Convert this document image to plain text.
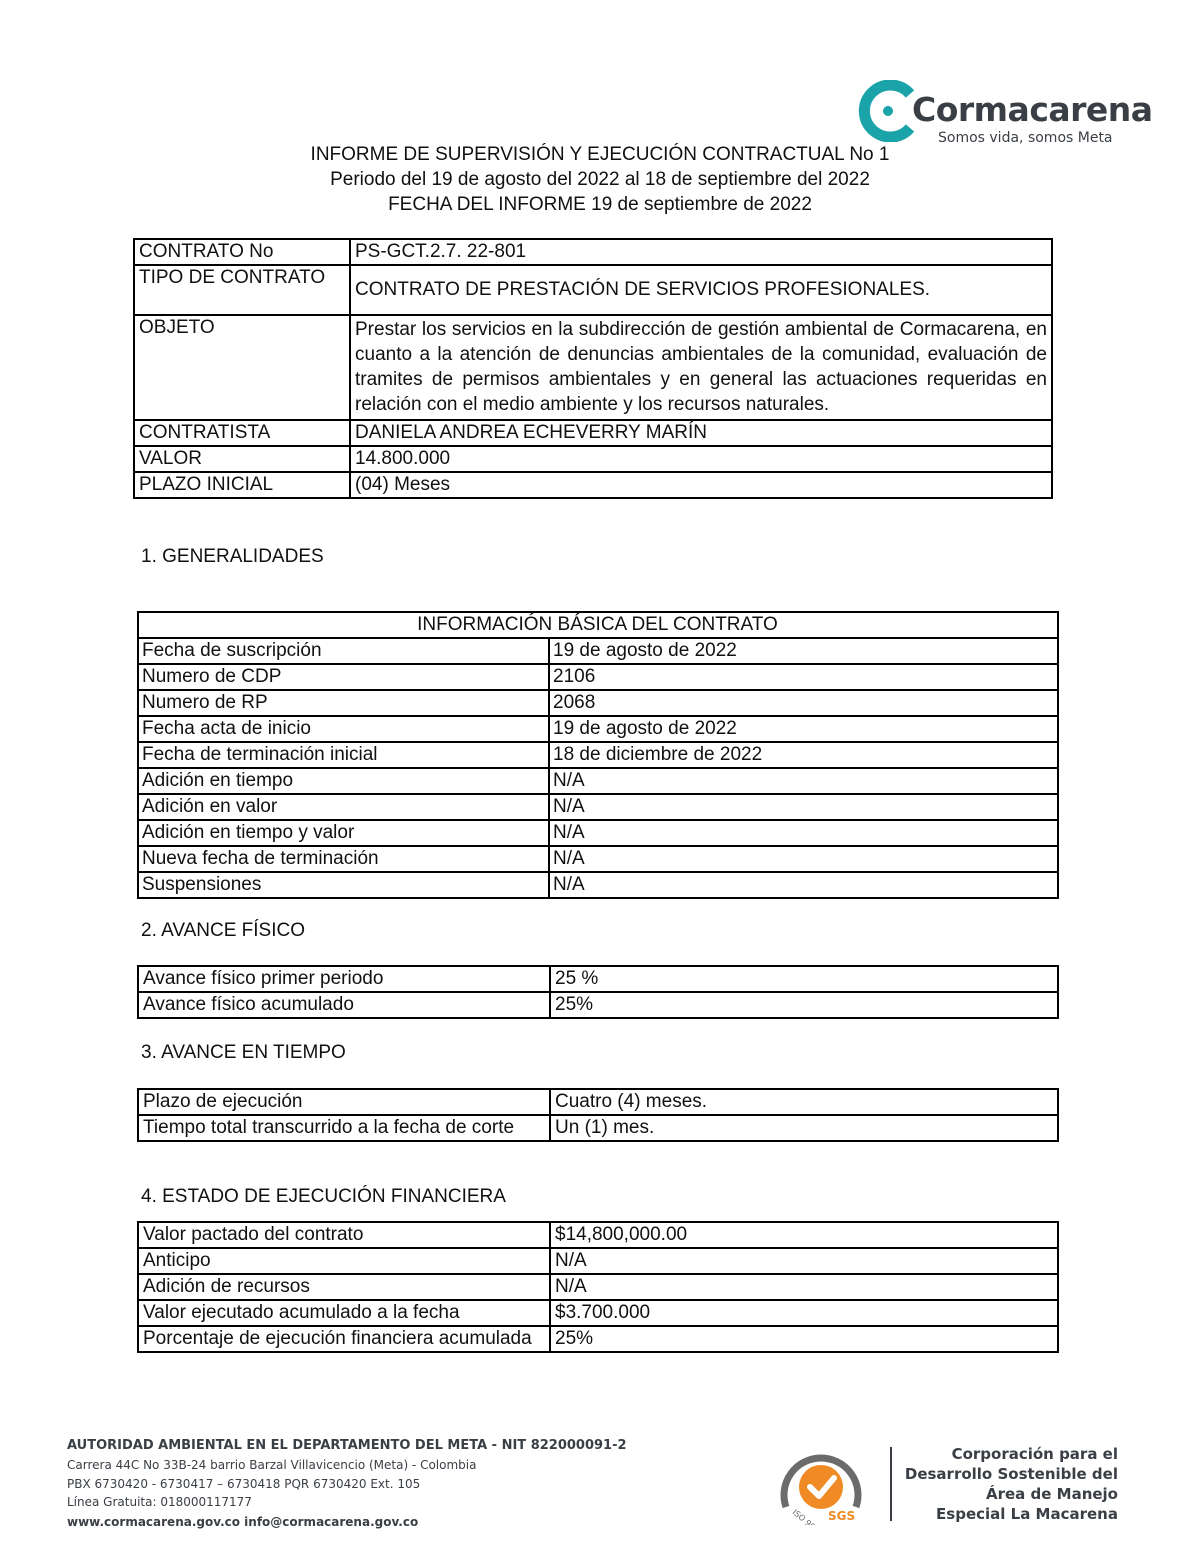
Cormacarena
Somos vida, somos Meta
INFORME DE SUPERVISIÓN Y EJECUCIÓN CONTRACTUAL No 1
Periodo del 19 de agosto del 2022 al 18 de septiembre del 2022
FECHA DEL INFORME 19 de septiembre de 2022
CONTRATO No	PS-GCT.2.7. 22-801
TIPO DE CONTRATO	CONTRATO DE PRESTACIÓN DE SERVICIOS PROFESIONALES.
OBJETO	Prestar los servicios en la subdirección de gestión ambiental de Cormacarena, en cuanto a la atención de denuncias ambientales de la comunidad, evaluación de tramites de permisos ambientales y en general las actuaciones requeridas en relación con el medio ambiente y los recursos naturales.
CONTRATISTA	DANIELA ANDREA ECHEVERRY MARÍN
VALOR	14.800.000
PLAZO INICIAL	(04) Meses
1. GENERALIDADES
INFORMACIÓN BÁSICA DEL CONTRATO	
Fecha de suscripción	19 de agosto de 2022
Numero de CDP	2106
Numero de RP	2068
Fecha acta de inicio	19 de agosto de 2022
Fecha de terminación inicial	18 de diciembre de 2022
Adición en tiempo	N/A
Adición en valor	N/A
Adición en tiempo y valor	N/A
Nueva fecha de terminación	N/A
Suspensiones	N/A
2. AVANCE FÍSICO
Avance físico primer periodo	25 %
Avance físico acumulado	25%
3. AVANCE EN TIEMPO
Plazo de ejecución	Cuatro (4) meses.
Tiempo total transcurrido a la fecha de corte	Un (1) mes.
4. ESTADO DE EJECUCIÓN FINANCIERA
Valor pactado del contrato	$14,800,000.00
Anticipo	N/A
Adición de recursos	N/A
Valor ejecutado acumulado a la fecha	$3.700.000
Porcentaje de ejecución financiera acumulada	25%
AUTORIDAD AMBIENTAL EN EL DEPARTAMENTO DEL META - NIT 822000091-2
Carrera 44C No 33B-24 barrio Barzal Villavicencio (Meta) - Colombia
PBX 6730420 - 6730417 – 6730418 PQR 6730420 Ext. 105
Línea Gratuita: 018000117177
www.cormacarena.gov.co info@cormacarena.gov.co	ISO 9001 SGS
Corporación para el
Desarrollo Sostenible del
Área de Manejo
Especial La Macarena
